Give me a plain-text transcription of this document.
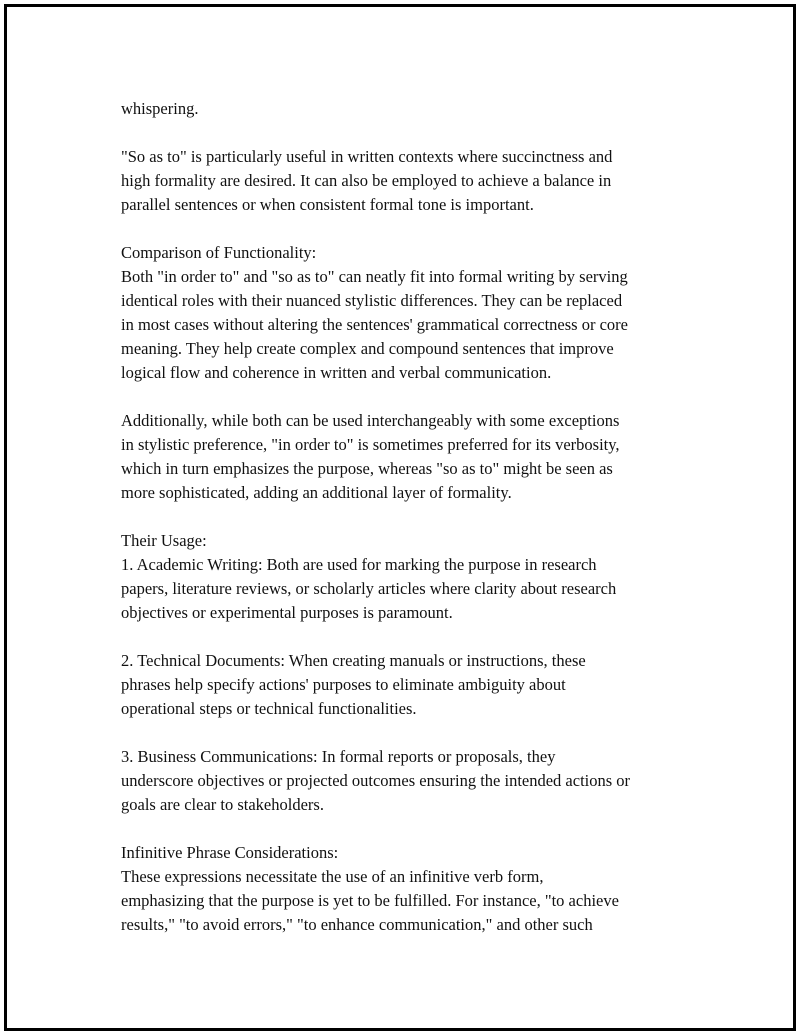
whispering.

"So as to" is particularly useful in written contexts where succinctness and
high formality are desired. It can also be employed to achieve a balance in
parallel sentences or when consistent formal tone is important.

Comparison of Functionality:
Both "in order to" and "so as to" can neatly fit into formal writing by serving
identical roles with their nuanced stylistic differences. They can be replaced
in most cases without altering the sentences' grammatical correctness or core
meaning. They help create complex and compound sentences that improve
logical flow and coherence in written and verbal communication.

Additionally, while both can be used interchangeably with some exceptions
in stylistic preference, "in order to" is sometimes preferred for its verbosity,
which in turn emphasizes the purpose, whereas "so as to" might be seen as
more sophisticated, adding an additional layer of formality.

Their Usage:
1. Academic Writing: Both are used for marking the purpose in research
papers, literature reviews, or scholarly articles where clarity about research
objectives or experimental purposes is paramount.

2. Technical Documents: When creating manuals or instructions, these
phrases help specify actions' purposes to eliminate ambiguity about
operational steps or technical functionalities.

3. Business Communications: In formal reports or proposals, they
underscore objectives or projected outcomes ensuring the intended actions or
goals are clear to stakeholders.

Infinitive Phrase Considerations:
These expressions necessitate the use of an infinitive verb form,
emphasizing that the purpose is yet to be fulfilled. For instance, "to achieve
results," "to avoid errors," "to enhance communication," and other such
